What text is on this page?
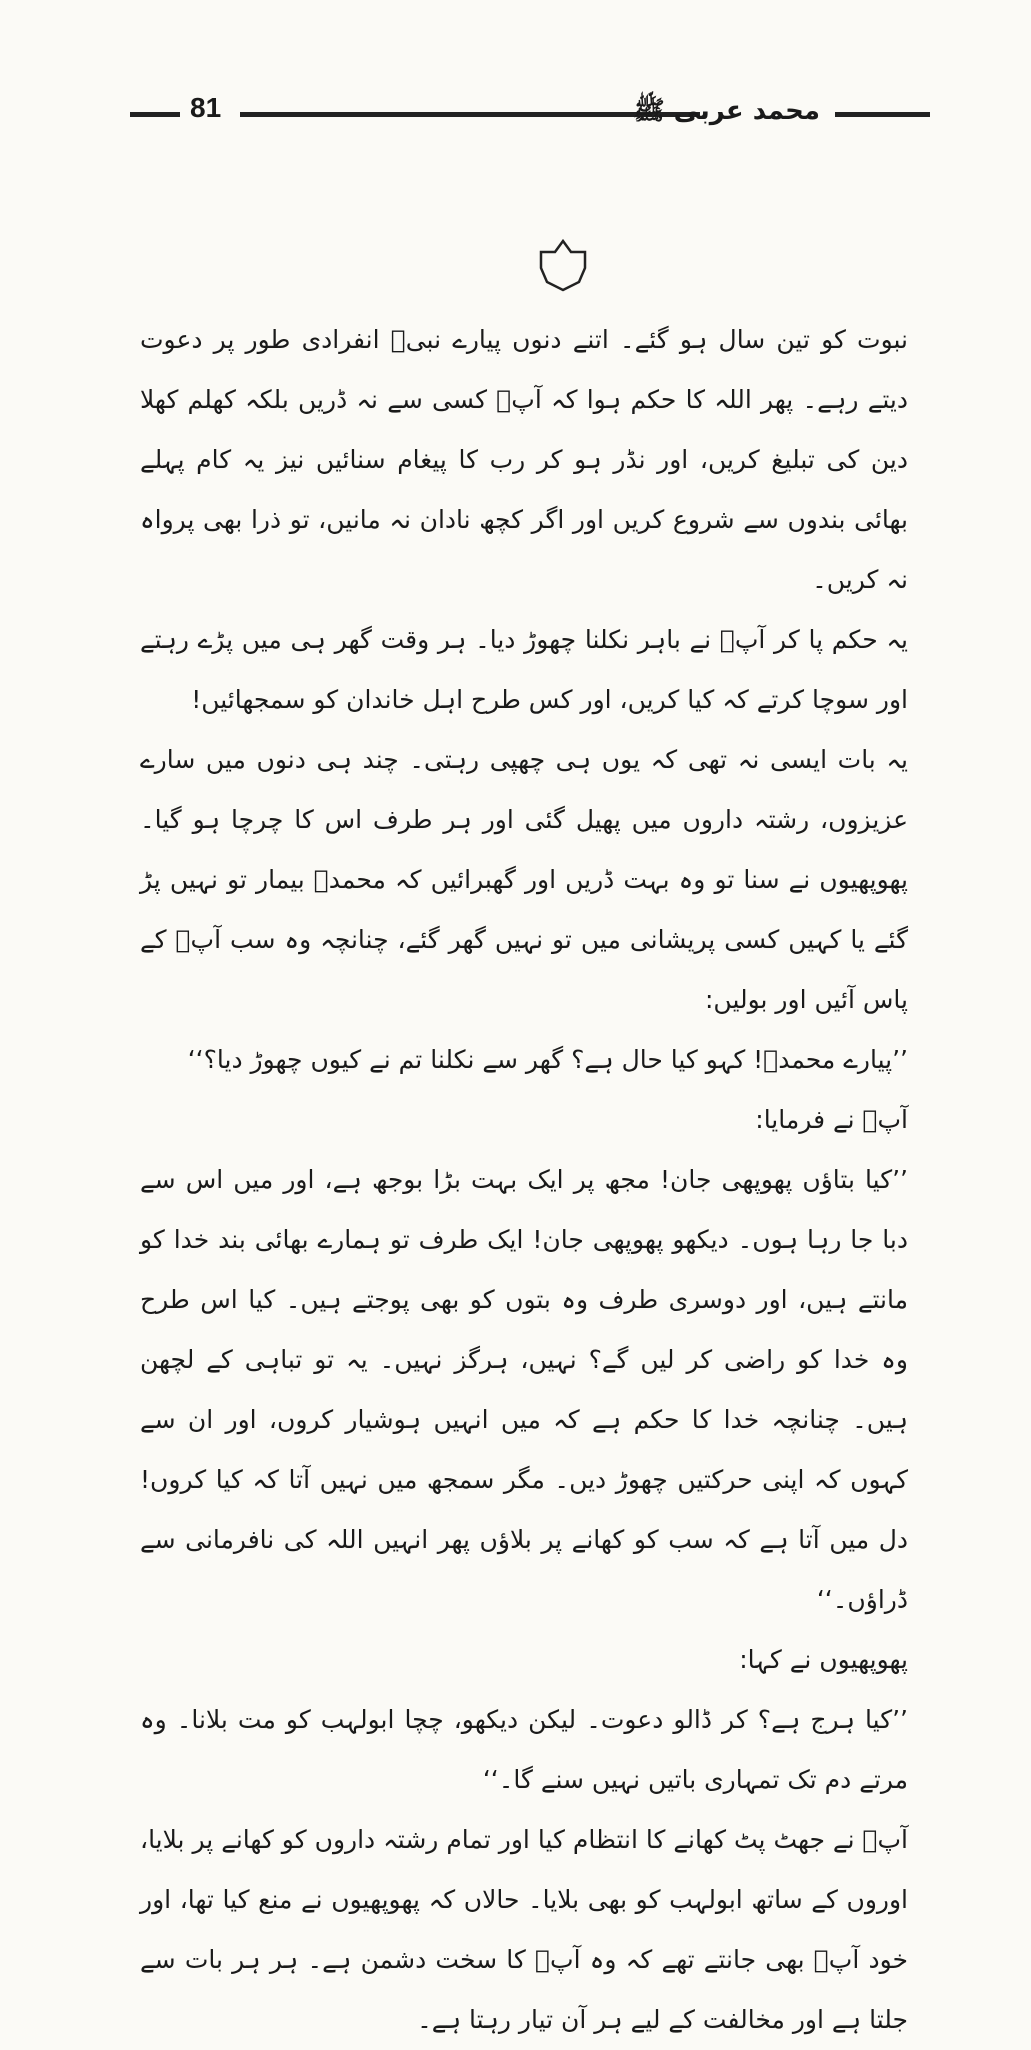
81	محمد عربی ﷺ

نبوت کو تین سال ہو گئے۔ اتنے دنوں پیارے نبیؐ انفرادی طور پر دعوت دیتے رہے۔ پھر اللہ کا حکم ہوا کہ آپؐ کسی سے نہ ڈریں بلکہ کھلم کھلا دین کی تبلیغ کریں، اور نڈر ہو کر رب کا پیغام سنائیں نیز یہ کام پہلے بھائی بندوں سے شروع کریں اور اگر کچھ نادان نہ مانیں، تو ذرا بھی پرواہ نہ کریں۔

یہ حکم پا کر آپؐ نے باہر نکلنا چھوڑ دیا۔ ہر وقت گھر ہی میں پڑے رہتے اور سوچا کرتے کہ کیا کریں، اور کس طرح اہل خاندان کو سمجھائیں!

یہ بات ایسی نہ تھی کہ یوں ہی چھپی رہتی۔ چند ہی دنوں میں سارے عزیزوں، رشتہ داروں میں پھیل گئی اور ہر طرف اس کا چرچا ہو گیا۔ پھوپھیوں نے سنا تو وہ بہت ڈریں اور گھبرائیں کہ محمدؐ بیمار تو نہیں پڑ گئے یا کہیں کسی پریشانی میں تو نہیں گھر گئے، چنانچہ وہ سب آپؐ کے پاس آئیں اور بولیں:

’’پیارے محمدؐ! کہو کیا حال ہے؟ گھر سے نکلنا تم نے کیوں چھوڑ دیا؟‘‘

آپؐ نے فرمایا:

’’کیا بتاؤں پھوپھی جان! مجھ پر ایک بہت بڑا بوجھ ہے، اور میں اس سے دبا جا رہا ہوں۔ دیکھو پھوپھی جان! ایک طرف تو ہمارے بھائی بند خدا کو مانتے ہیں، اور دوسری طرف وہ بتوں کو بھی پوجتے ہیں۔ کیا اس طرح وہ خدا کو راضی کر لیں گے؟ نہیں، ہرگز نہیں۔ یہ تو تباہی کے لچھن ہیں۔ چنانچہ خدا کا حکم ہے کہ میں انہیں ہوشیار کروں، اور ان سے کہوں کہ اپنی حرکتیں چھوڑ دیں۔ مگر سمجھ میں نہیں آتا کہ کیا کروں! دل میں آتا ہے کہ سب کو کھانے پر بلاؤں پھر انہیں اللہ کی نافرمانی سے ڈراؤں۔‘‘

پھوپھیوں نے کہا:

’’کیا ہرج ہے؟ کر ڈالو دعوت۔ لیکن دیکھو، چچا ابولہب کو مت بلانا۔ وہ مرتے دم تک تمہاری باتیں نہیں سنے گا۔‘‘

آپؐ نے جھٹ پٹ کھانے کا انتظام کیا اور تمام رشتہ داروں کو کھانے پر بلایا، اوروں کے ساتھ ابولہب کو بھی بلایا۔ حالاں کہ پھوپھیوں نے منع کیا تھا، اور خود آپؐ بھی جانتے تھے کہ وہ آپؐ کا سخت دشمن ہے۔ ہر ہر بات سے جلتا ہے اور مخالفت کے لیے ہر آن تیار رہتا ہے۔
